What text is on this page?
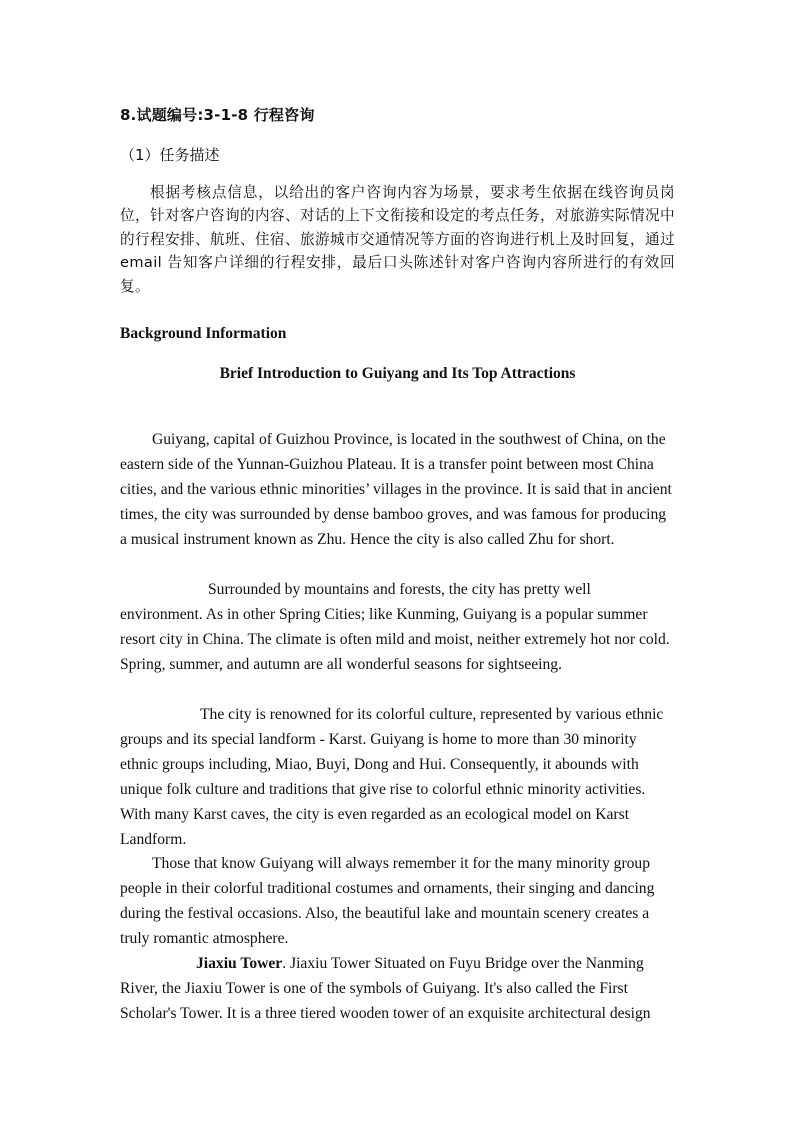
8.试题编号:3-1-8 行程咨询
（1）任务描述

根据考核点信息，以给出的客户咨询内容为场景，要求考生依据在线咨询员岗位，针对客户咨询的内容、对话的上下文衔接和设定的考点任务，对旅游实际情况中的行程安排、航班、住宿、旅游城市交通情况等方面的咨询进行机上及时回复，通过 email 告知客户详细的行程安排，最后口头陈述针对客户咨询内容所进行的有效回复。

Background Information
Brief Introduction to Guiyang and Its Top Attractions

Guiyang, capital of Guizhou Province, is located in the southwest of China, on the eastern side of the Yunnan-Guizhou Plateau. It is a transfer point between most China cities, and the various ethnic minorities’ villages in the province. It is said that in ancient times, the city was surrounded by dense bamboo groves, and was famous for producing a musical instrument known as Zhu. Hence the city is also called Zhu for short.

Surrounded by mountains and forests, the city has pretty well environment. As in other Spring Cities; like Kunming, Guiyang is a popular summer resort city in China. The climate is often mild and moist, neither extremely hot nor cold. Spring, summer, and autumn are all wonderful seasons for sightseeing.

The city is renowned for its colorful culture, represented by various ethnic groups and its special landform - Karst. Guiyang is home to more than 30 minority ethnic groups including, Miao, Buyi, Dong and Hui. Consequently, it abounds with unique folk culture and traditions that give rise to colorful ethnic minority activities. With many Karst caves, the city is even regarded as an ecological model on Karst Landform.

Those that know Guiyang will always remember it for the many minority group people in their colorful traditional costumes and ornaments, their singing and dancing during the festival occasions. Also, the beautiful lake and mountain scenery creates a truly romantic atmosphere.

Jiaxiu Tower. Jiaxiu Tower Situated on Fuyu Bridge over the Nanming River, the Jiaxiu Tower is one of the symbols of Guiyang. It's also called the First Scholar's Tower. It is a three tiered wooden tower of an exquisite architectural design
